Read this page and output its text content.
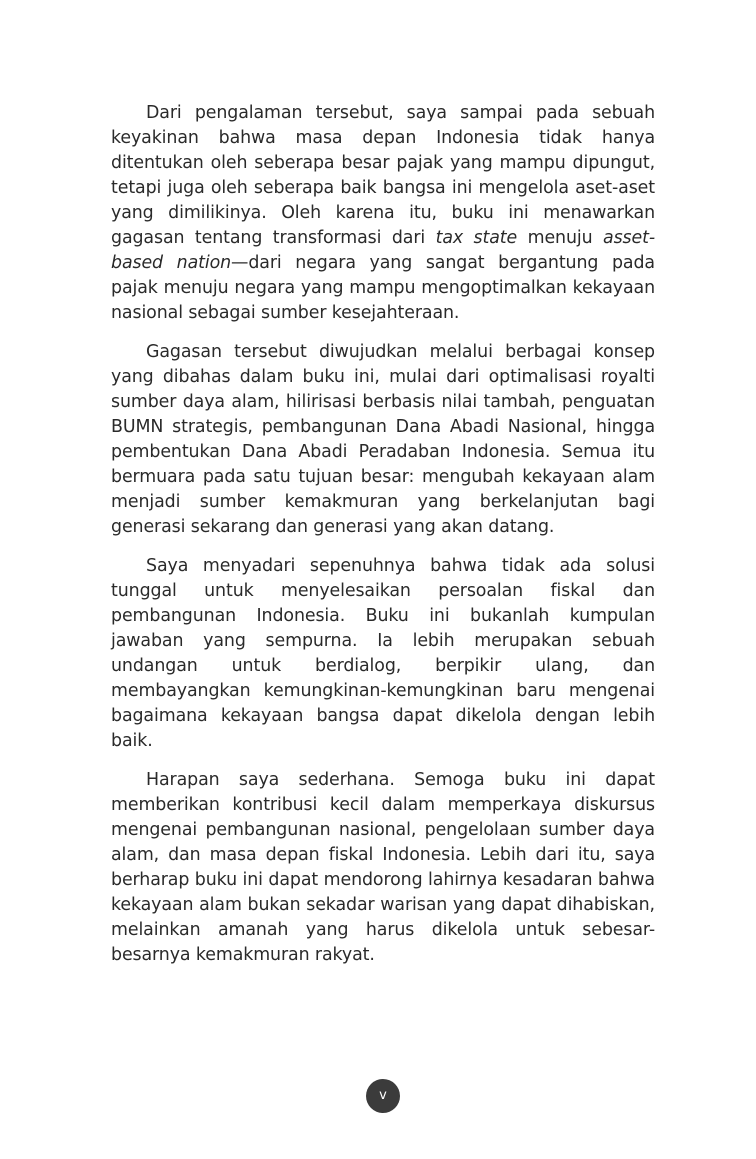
Dari pengalaman tersebut, saya sampai pada sebuah keyakinan bahwa masa depan Indonesia tidak hanya ditentukan oleh seberapa besar pajak yang mampu dipungut, tetapi juga oleh seberapa baik bangsa ini mengelola aset-aset yang dimilikinya. Oleh karena itu, buku ini menawarkan gagasan tentang transformasi dari tax state menuju asset-based nation—dari negara yang sangat bergantung pada pajak menuju negara yang mampu mengoptimalkan kekayaan nasional sebagai sumber kesejahteraan.

Gagasan tersebut diwujudkan melalui berbagai konsep yang dibahas dalam buku ini, mulai dari optimalisasi royalti sumber daya alam, hilirisasi berbasis nilai tambah, penguatan BUMN strategis, pembangunan Dana Abadi Nasional, hingga pembentukan Dana Abadi Peradaban Indonesia. Semua itu bermuara pada satu tujuan besar: mengubah kekayaan alam menjadi sumber kemakmuran yang berkelanjutan bagi generasi sekarang dan generasi yang akan datang.

Saya menyadari sepenuhnya bahwa tidak ada solusi tunggal untuk menyelesaikan persoalan fiskal dan pembangunan Indonesia. Buku ini bukanlah kumpulan jawaban yang sempurna. Ia lebih merupakan sebuah undangan untuk berdialog, berpikir ulang, dan membayangkan kemungkinan-kemungkinan baru mengenai bagaimana kekayaan bangsa dapat dikelola dengan lebih baik.

Harapan saya sederhana. Semoga buku ini dapat memberikan kontribusi kecil dalam memperkaya diskursus mengenai pembangunan nasional, pengelolaan sumber daya alam, dan masa depan fiskal Indonesia. Lebih dari itu, saya berharap buku ini dapat mendorong lahirnya kesadaran bahwa kekayaan alam bukan sekadar warisan yang dapat dihabiskan, melainkan amanah yang harus dikelola untuk sebesar-besarnya kemakmuran rakyat.

v
